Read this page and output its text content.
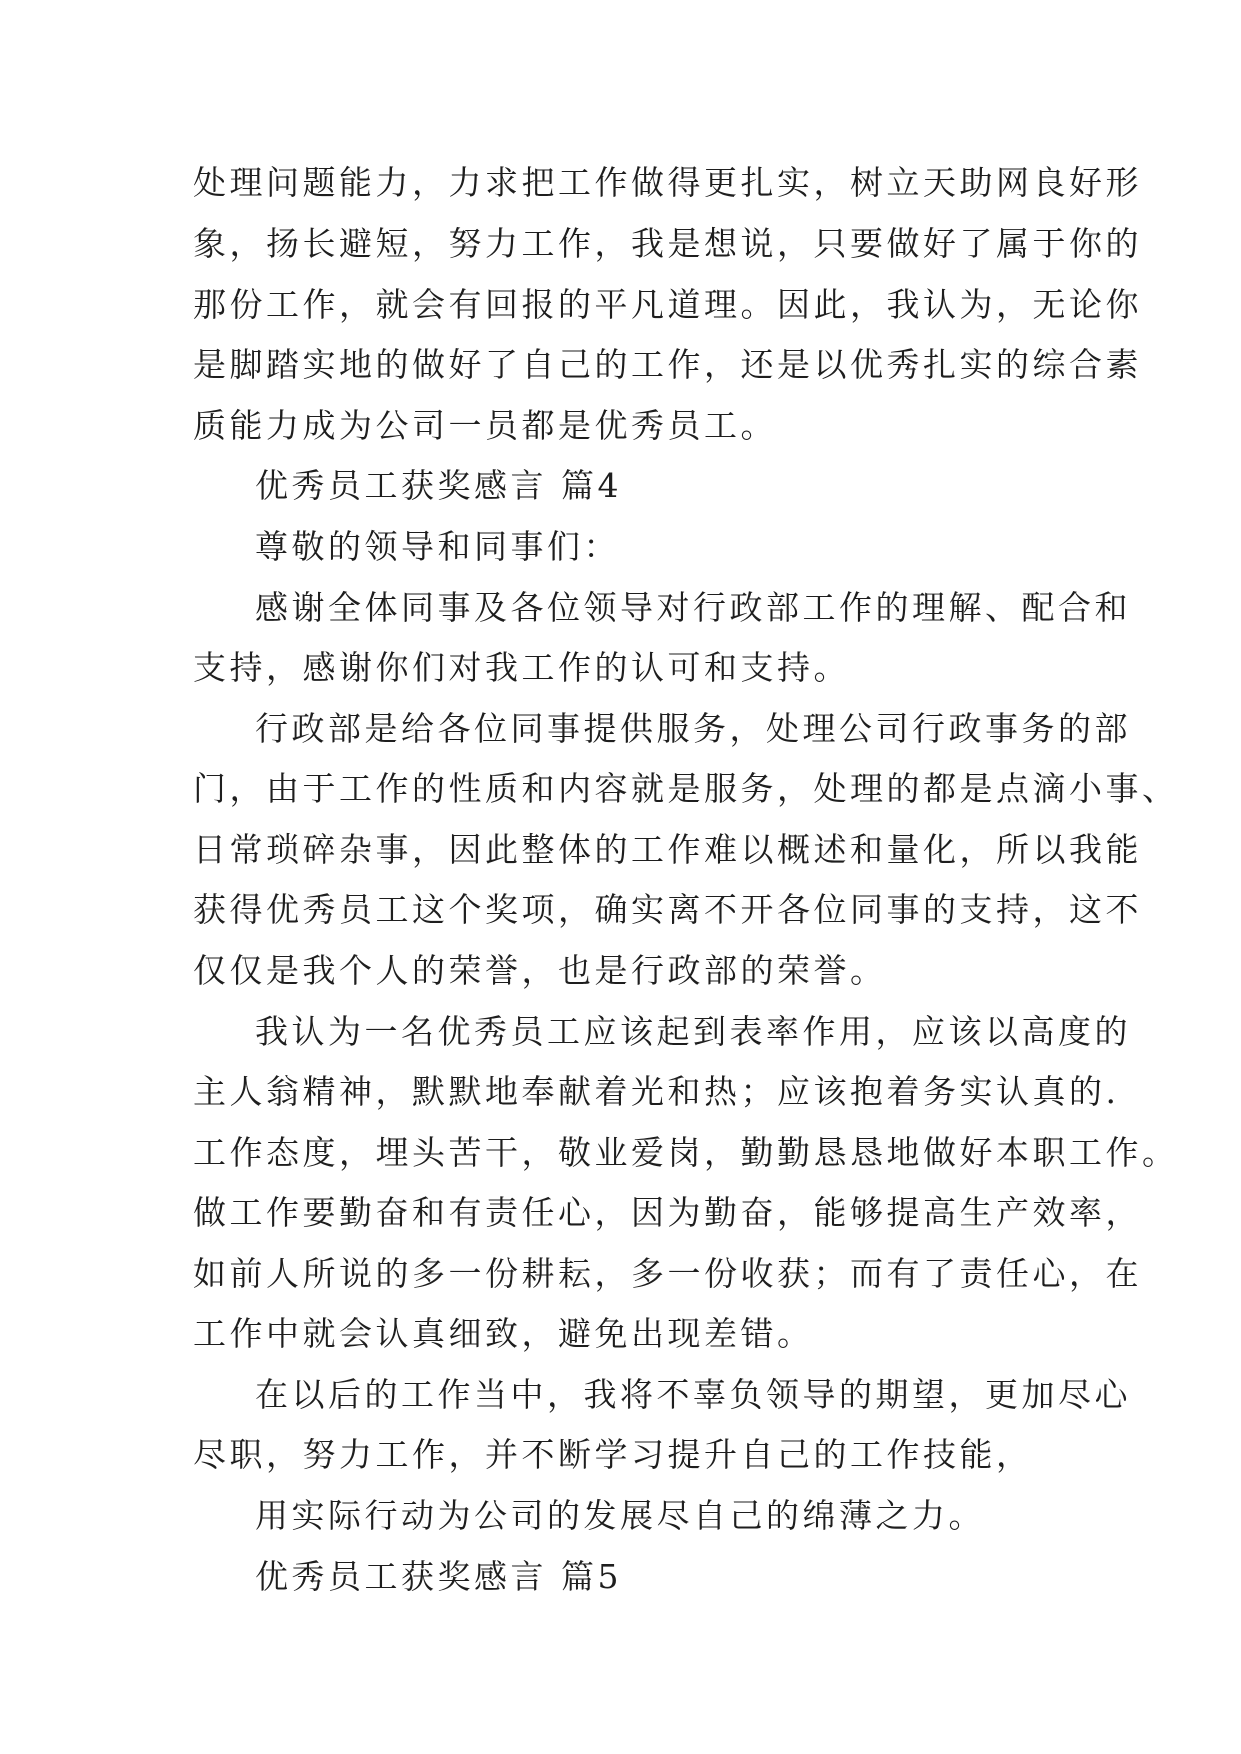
处理问题能力，力求把工作做得更扎实，树立天助网良好形

象，扬长避短，努力工作，我是想说，只要做好了属于你的

那份工作，就会有回报的平凡道理。因此，我认为，无论你

是脚踏实地的做好了自己的工作，还是以优秀扎实的综合素

质能力成为公司一员都是优秀员工。

优秀员工获奖感言 篇4

尊敬的领导和同事们：

感谢全体同事及各位领导对行政部工作的理解、配合和

支持，感谢你们对我工作的认可和支持。

行政部是给各位同事提供服务，处理公司行政事务的部

门，由于工作的性质和内容就是服务，处理的都是点滴小事、

日常琐碎杂事，因此整体的工作难以概述和量化，所以我能

获得优秀员工这个奖项，确实离不开各位同事的支持，这不

仅仅是我个人的荣誉，也是行政部的荣誉。

我认为一名优秀员工应该起到表率作用，应该以高度的

主人翁精神，默默地奉献着光和热；应该抱着务实认真的.

工作态度，埋头苦干，敬业爱岗，勤勤恳恳地做好本职工作。

做工作要勤奋和有责任心，因为勤奋，能够提高生产效率，

如前人所说的多一份耕耘，多一份收获；而有了责任心，在

工作中就会认真细致，避免出现差错。

在以后的工作当中，我将不辜负领导的期望，更加尽心

尽职，努力工作，并不断学习提升自己的工作技能，

用实际行动为公司的发展尽自己的绵薄之力。

优秀员工获奖感言 篇5
